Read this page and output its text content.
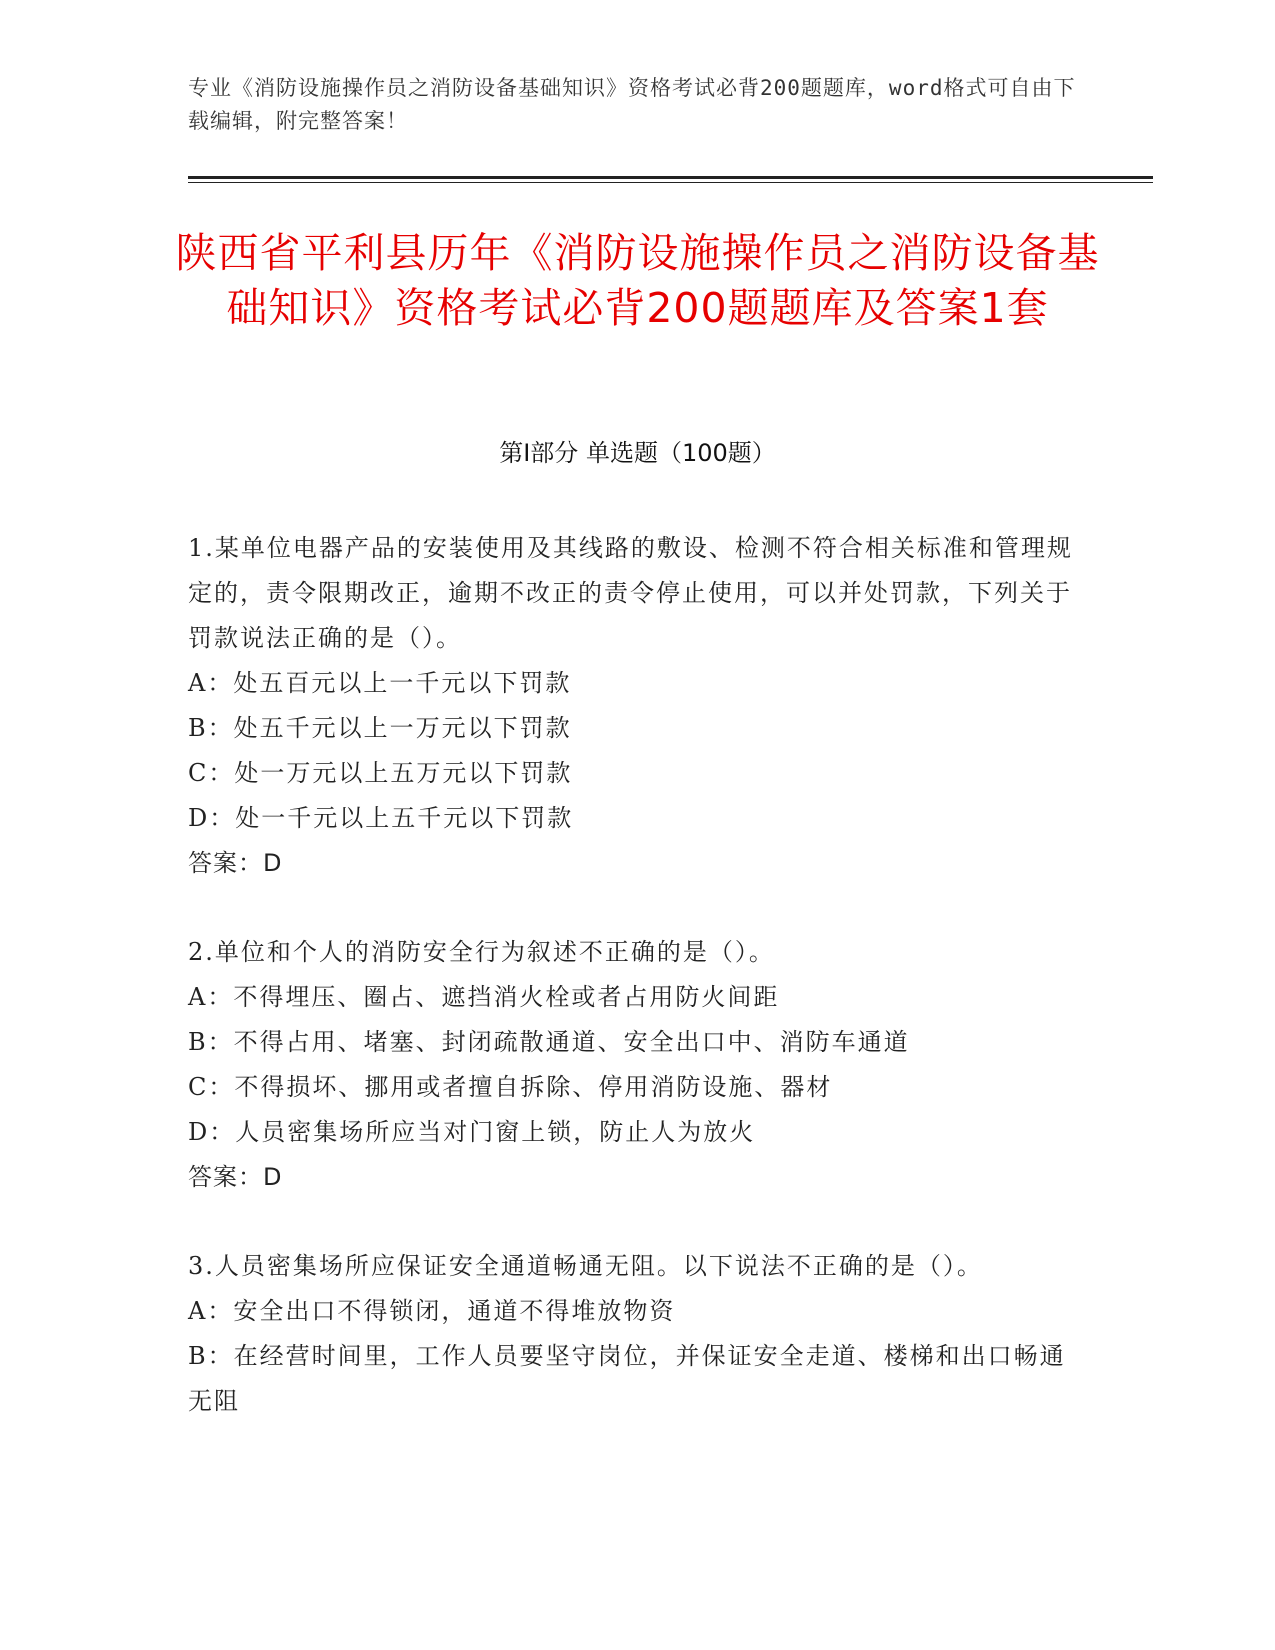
专业《消防设施操作员之消防设备基础知识》资格考试必背200题题库，word格式可自由下载编辑，附完整答案！
陕西省平利县历年《消防设施操作员之消防设备基础知识》资格考试必背200题题库及答案1套
第Ⅰ部分 单选题（100题）

1.某单位电器产品的安装使用及其线路的敷设、检测不符合相关标准和管理规定的，责令限期改正，逾期不改正的责令停止使用，可以并处罚款，下列关于罚款说法正确的是（）。

A：处五百元以上一千元以下罚款

B：处五千元以上一万元以下罚款

C：处一万元以上五万元以下罚款

D：处一千元以上五千元以下罚款

答案：D

2.单位和个人的消防安全行为叙述不正确的是（）。

A：不得埋压、圈占、遮挡消火栓或者占用防火间距

B：不得占用、堵塞、封闭疏散通道、安全出口中、消防车通道

C：不得损坏、挪用或者擅自拆除、停用消防设施、器材

D：人员密集场所应当对门窗上锁，防止人为放火

答案：D

3.人员密集场所应保证安全通道畅通无阻。以下说法不正确的是（）。

A：安全出口不得锁闭，通道不得堆放物资

B：在经营时间里，工作人员要坚守岗位，并保证安全走道、楼梯和出口畅通无阻
